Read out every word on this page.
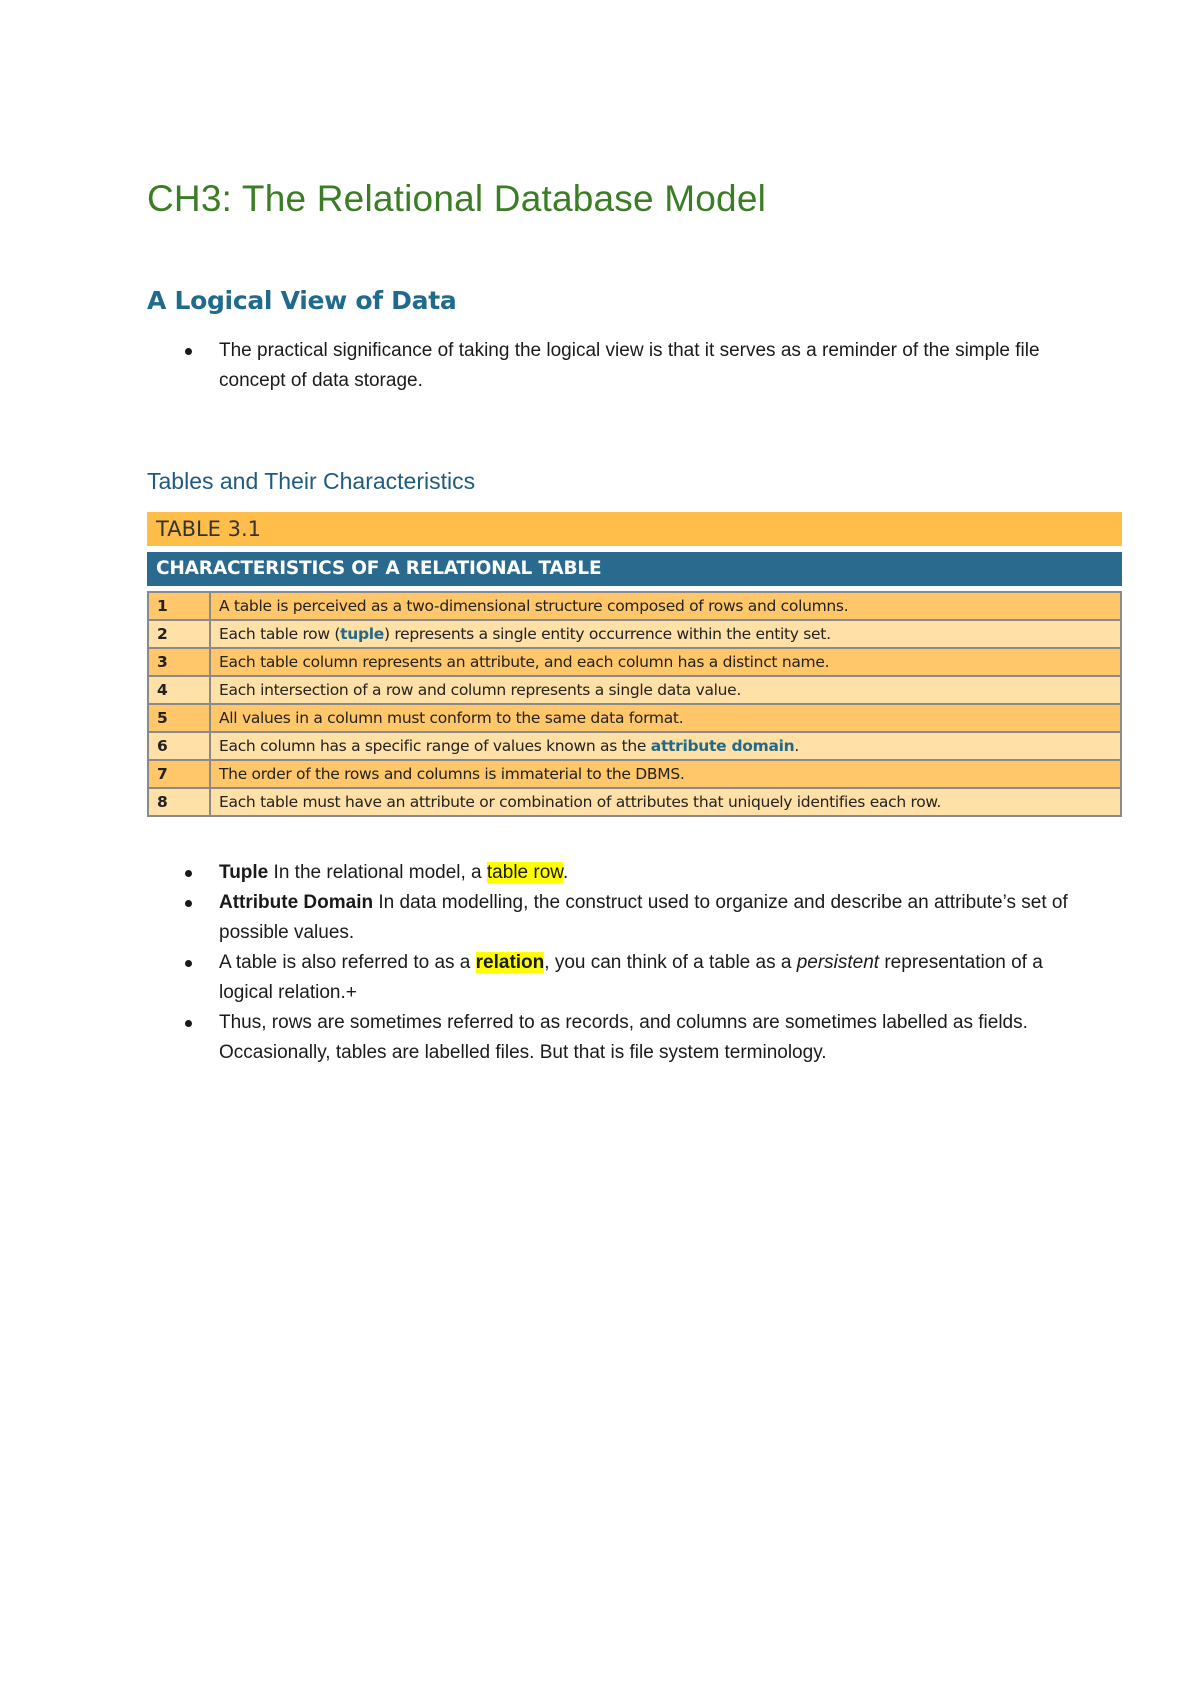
CH3: The Relational Database Model
A Logical View of Data
The practical significance of taking the logical view is that it serves as a reminder of the simple file concept of data storage.
Tables and Their Characteristics
TABLE 3.1
CHARACTERISTICS OF A RELATIONAL TABLE
1	A table is perceived as a two-dimensional structure composed of rows and columns.
2	Each table row (tuple) represents a single entity occurrence within the entity set.
3	Each table column represents an attribute, and each column has a distinct name.
4	Each intersection of a row and column represents a single data value.
5	All values in a column must conform to the same data format.
6	Each column has a specific range of values known as the attribute domain.
7	The order of the rows and columns is immaterial to the DBMS.
8	Each table must have an attribute or combination of attributes that uniquely identifies each row.
Tuple In the relational model, a table row.
Attribute Domain In data modelling, the construct used to organize and describe an attribute’s set of possible values.
A table is also referred to as a relation, you can think of a table as a persistent representation of a logical relation.+
Thus, rows are sometimes referred to as records, and columns are sometimes labelled as fields. Occasionally, tables are labelled files. But that is file system terminology.
